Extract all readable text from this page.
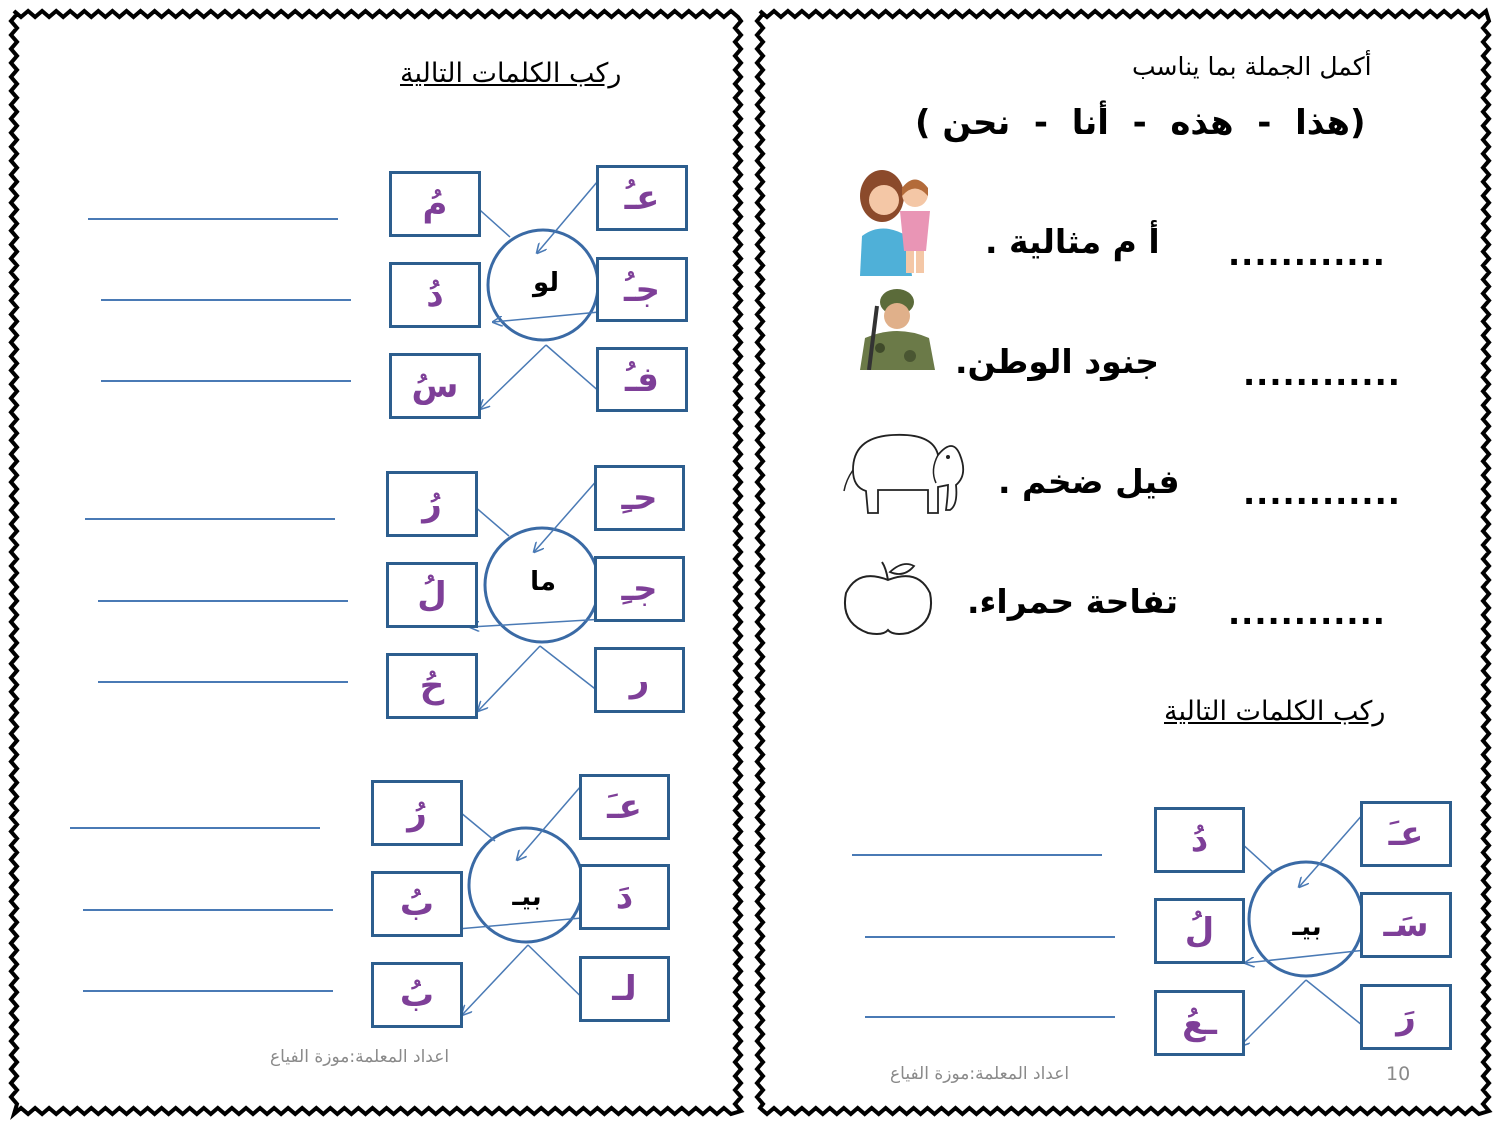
ركب الكلمات التالية
لو
عـُ
جـُ
فـُ
مُ
دُ
سُ
ما
حـِ
جـِ
ر
رُ
لُ
حُ
بيـ
عـَ
دَ
لـ
رُ
بُ
بُ
اعداد المعلمة:موزة الفياع
أكمل الجملة بما يناسب
(هذا  -  هذه  -  أنا  -  نحن )
............
أ م مثالية .
............
جنود الوطن.
............
فيل ضخم .
............
تفاحة حمراء.
ركب الكلمات التالية
بيـ
عـَ
سَـ
رَ
دُ
لُ
ـعُ
اعداد المعلمة:موزة الفياع	10
